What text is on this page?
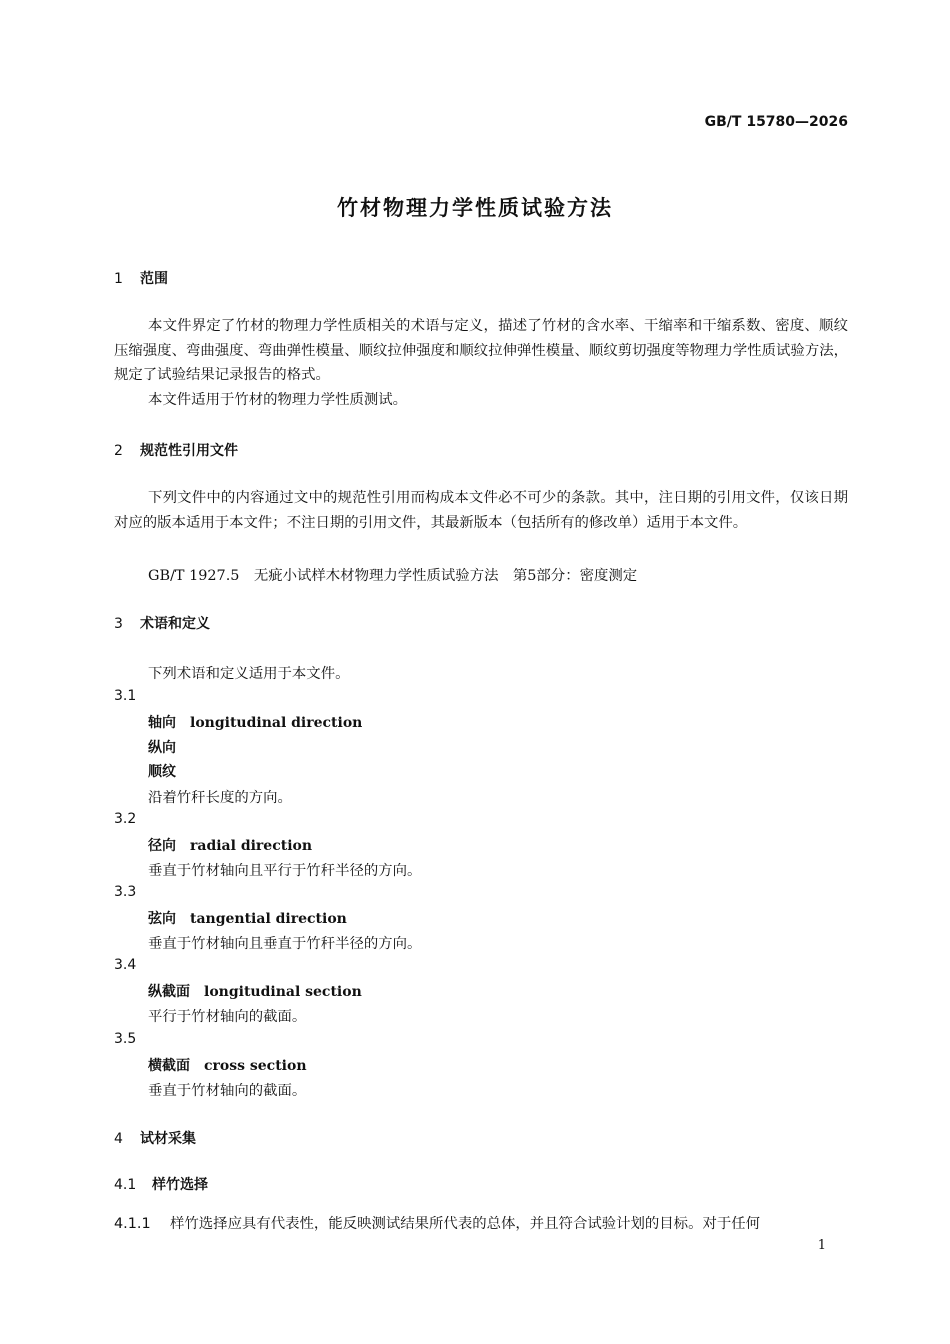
GB/T 15780—2026
竹材物理力学性质试验方法
1 范围

本文件界定了竹材的物理力学性质相关的术语与定义，描述了竹材的含水率、干缩率和干缩系数、密度、顺纹压缩强度、弯曲强度、弯曲弹性模量、顺纹拉伸强度和顺纹拉伸弹性模量、顺纹剪切强度等物理力学性质试验方法，规定了试验结果记录报告的格式。

本文件适用于竹材的物理力学性质测试。

2 规范性引用文件

下列文件中的内容通过文中的规范性引用而构成本文件必不可少的条款。其中，注日期的引用文件，仅该日期对应的版本适用于本文件；不注日期的引用文件，其最新版本（包括所有的修改单）适用于本文件。

GB/T 1927.5　无疵小试样木材物理力学性质试验方法　第5部分：密度测定
3 术语和定义
下列术语和定义适用于本文件。
3.1
轴向 longitudinal direction
纵向
顺纹
沿着竹秆长度的方向。
3.2
径向 radial direction
垂直于竹材轴向且平行于竹秆半径的方向。
3.3
弦向 tangential direction
垂直于竹材轴向且垂直于竹秆半径的方向。
3.4
纵截面 longitudinal section
平行于竹材轴向的截面。
3.5
横截面 cross section
垂直于竹材轴向的截面。
4 试材采集
4.1 样竹选择
4.1.1 样竹选择应具有代表性，能反映测试结果所代表的总体，并且符合试验计划的目标。对于任何
1
